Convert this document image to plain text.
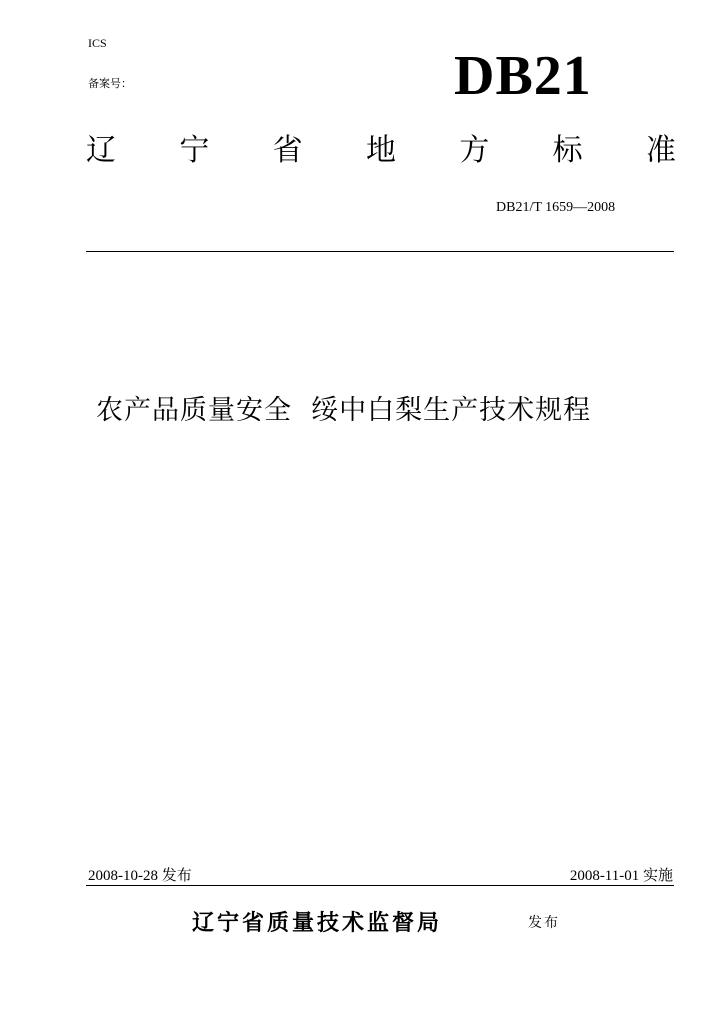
ICS
备案号：	DB21
辽 宁 省 地 方 标 准
DB21/T 1659—2008
农产品质量安全  绥中白梨生产技术规程
2008-10-28 发布	2008-11-01 实施
辽宁省质量技术监督局	发布
